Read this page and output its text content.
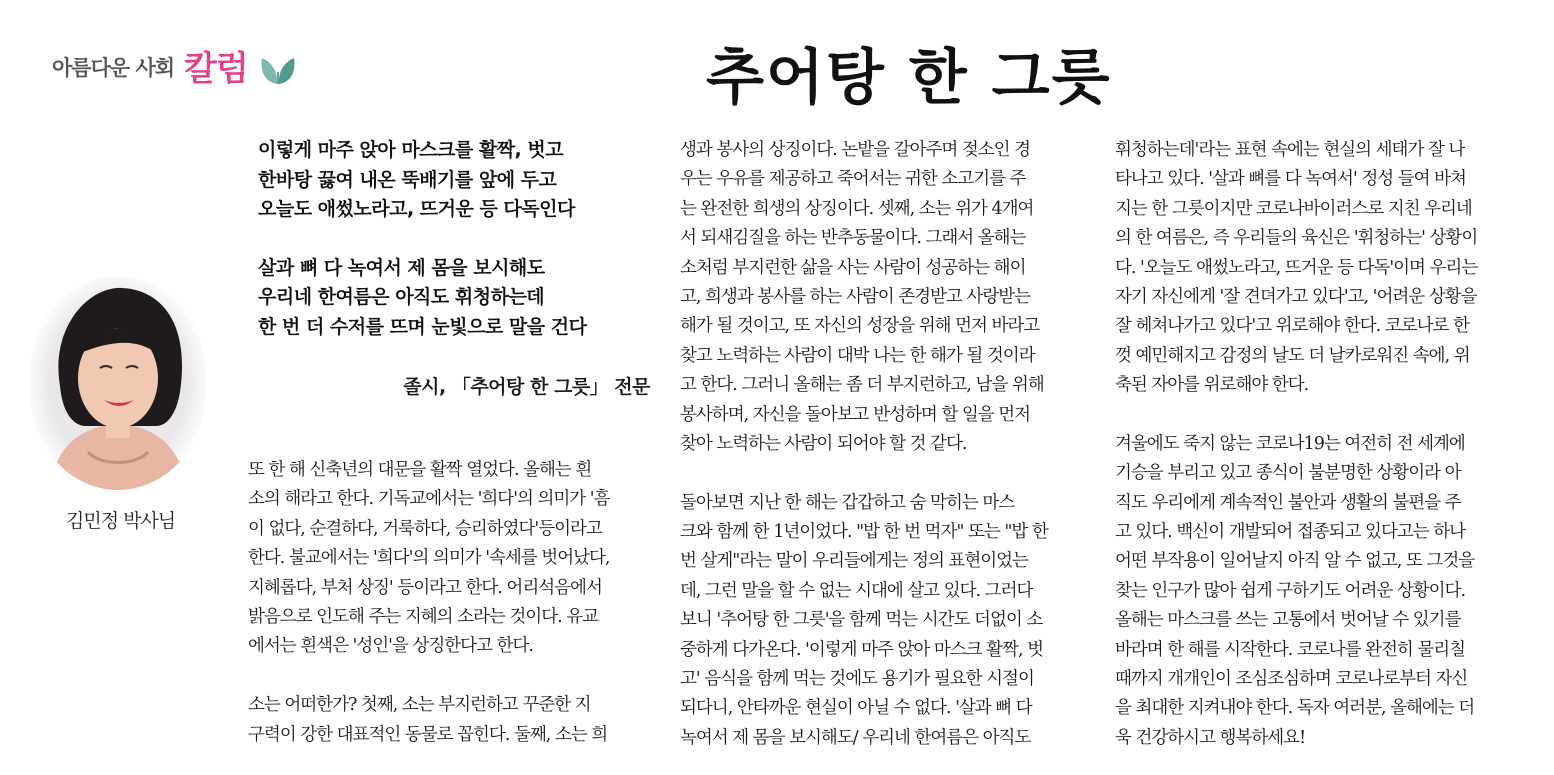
아름다운 사회 칼럼	추어탕 한 그릇
김민정 박사님
이렇게 마주 앉아 마스크를 활짝, 벗고
한바탕 끓여 내온 뚝배기를 앞에 두고
오늘도 애썼노라고, 뜨거운 등 다독인다
살과 뼈 다 녹여서 제 몸을 보시해도
우리네 한여름은 아직도 휘청하는데
한 번 더 수저를 뜨며 눈빛으로 말을 건다
졸시, 「추어탕 한 그릇」 전문
또 한 해 신축년의 대문을 활짝 열었다. 올해는 흰
소의 해라고 한다. 기독교에서는 '희다'의 의미가 '흠
이 없다, 순결하다, 거룩하다, 승리하였다'등이라고
한다. 불교에서는 '희다'의 의미가 '속세를 벗어났다,
지혜롭다, 부처 상징' 등이라고 한다. 어리석음에서
밝음으로 인도해 주는 지혜의 소라는 것이다. 유교
에서는 흰색은 '성인'을 상징한다고 한다.
소는 어떠한가? 첫째, 소는 부지런하고 꾸준한 지
구력이 강한 대표적인 동물로 꼽힌다. 둘째, 소는 희
생과 봉사의 상징이다. 논밭을 갈아주며 젖소인 경
우는 우유를 제공하고 죽어서는 귀한 소고기를 주
는 완전한 희생의 상징이다. 셋째, 소는 위가 4개여
서 되새김질을 하는 반추동물이다. 그래서 올해는
소처럼 부지런한 삶을 사는 사람이 성공하는 해이
고, 희생과 봉사를 하는 사람이 존경받고 사랑받는
해가 될 것이고, 또 자신의 성장을 위해 먼저 바라고
찾고 노력하는 사람이 대박 나는 한 해가 될 것이라
고 한다. 그러니 올해는 좀 더 부지런하고, 남을 위해
봉사하며, 자신을 돌아보고 반성하며 할 일을 먼저
찾아 노력하는 사람이 되어야 할 것 같다.
돌아보면 지난 한 해는 갑갑하고 숨 막히는 마스
크와 함께 한 1년이었다. "밥 한 번 먹자" 또는 "밥 한
번 살게"라는 말이 우리들에게는 정의 표현이었는
데, 그런 말을 할 수 없는 시대에 살고 있다. 그러다
보니 '추어탕 한 그릇'을 함께 먹는 시간도 더없이 소
중하게 다가온다. '이렇게 마주 앉아 마스크 활짝, 벗
고' 음식을 함께 먹는 것에도 용기가 필요한 시절이
되다니, 안타까운 현실이 아닐 수 없다. '살과 뼈 다
녹여서 제 몸을 보시해도/ 우리네 한여름은 아직도
휘청하는데'라는 표현 속에는 현실의 세태가 잘 나
타나고 있다. '살과 뼈를 다 녹여서' 정성 들여 바쳐
지는 한 그릇이지만 코로나바이러스로 지친 우리네
의 한 여름은, 즉 우리들의 육신은 '휘청하는' 상황이
다. '오늘도 애썼노라고, 뜨거운 등 다독'이며 우리는
자기 자신에게 '잘 견뎌가고 있다'고, '어려운 상황을
잘 헤쳐나가고 있다'고 위로해야 한다. 코로나로 한
껏 예민해지고 감정의 날도 더 날카로워진 속에, 위
축된 자아를 위로해야 한다.
겨울에도 죽지 않는 코로나19는 여전히 전 세계에
기승을 부리고 있고 종식이 불분명한 상황이라 아
직도 우리에게 계속적인 불안과 생활의 불편을 주
고 있다. 백신이 개발되어 접종되고 있다고는 하나
어떤 부작용이 일어날지 아직 알 수 없고, 또 그것을
찾는 인구가 많아 쉽게 구하기도 어려운 상황이다.
올해는 마스크를 쓰는 고통에서 벗어날 수 있기를
바라며 한 해를 시작한다. 코로나를 완전히 물리칠
때까지 개개인이 조심조심하며 코로나로부터 자신
을 최대한 지켜내야 한다. 독자 여러분, 올해에는 더
욱 건강하시고 행복하세요!
